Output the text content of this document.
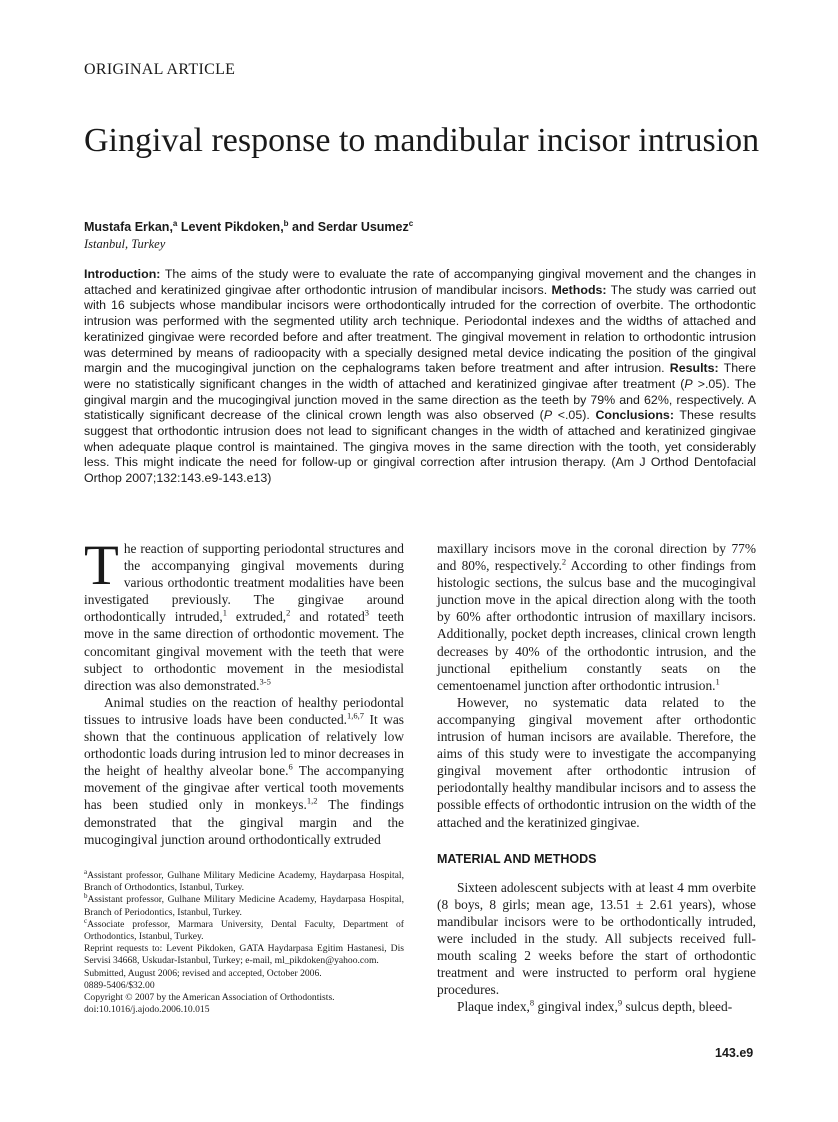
ORIGINAL ARTICLE
Gingival response to mandibular incisor intrusion
Mustafa Erkan,$^a$ Levent Pikdoken,$^b$ and Serdar Usumez$^c$
Istanbul, Turkey

Introduction: The aims of the study were to evaluate the rate of accompanying gingival movement and the changes in attached and keratinized gingivae after orthodontic intrusion of mandibular incisors. Methods: The study was carried out with 16 subjects whose mandibular incisors were orthodontically intruded for the correction of overbite. The orthodontic intrusion was performed with the segmented utility arch technique. Periodontal indexes and the widths of attached and keratinized gingivae were recorded before and after treatment. The gingival movement in relation to orthodontic intrusion was determined by means of radioopacity with a specially designed metal device indicating the position of the gingival margin and the mucogingival junction on the cephalograms taken before treatment and after intrusion. Results: There were no statistically significant changes in the width of attached and keratinized gingivae after treatment (P >.05). The gingival margin and the mucogingival junction moved in the same direction as the teeth by 79% and 62%, respectively. A statistically significant decrease of the clinical crown length was also observed (P <.05). Conclusions: These results suggest that orthodontic intrusion does not lead to significant changes in the width of attached and keratinized gingivae when adequate plaque control is maintained. The gingiva moves in the same direction with the tooth, yet considerably less. This might indicate the need for follow-up or gingival correction after intrusion therapy. (Am J Orthod Dentofacial Orthop 2007;132:143.e9-143.e13)

The reaction of supporting periodontal structures and the accompanying gingival movements during various orthodontic treatment modalities have been investigated previously. The gingivae around orthodontically intruded,$^1$ extruded,$^2$ and rotated$^3$ teeth move in the same direction of orthodontic movement. The concomitant gingival movement with the teeth that were subject to orthodontic movement in the mesiodistal direction was also demonstrated.$^{3-5}$

Animal studies on the reaction of healthy periodontal tissues to intrusive loads have been conducted.$^{1,6,7}$ It was shown that the continuous application of relatively low orthodontic loads during intrusion led to minor decreases in the height of healthy alveolar bone.$^6$ The accompanying movement of the gingivae after vertical tooth movements has been studied only in monkeys.$^{1,2}$ The findings demonstrated that the gingival margin and the mucogingival junction around orthodontically extruded

maxillary incisors move in the coronal direction by 77% and 80%, respectively.$^2$ According to other findings from histologic sections, the sulcus base and the mucogingival junction move in the apical direction along with the tooth by 60% after orthodontic intrusion of maxillary incisors. Additionally, pocket depth increases, clinical crown length decreases by 40% of the orthodontic intrusion, and the junctional epithelium constantly seats on the cementoenamel junction after orthodontic intrusion.$^1$

However, no systematic data related to the accompanying gingival movement after orthodontic intrusion of human incisors are available. Therefore, the aims of this study were to investigate the accompanying gingival movement after orthodontic intrusion of periodontally healthy mandibular incisors and to assess the possible effects of orthodontic intrusion on the width of the attached and the keratinized gingivae.

MATERIAL AND METHODS

Sixteen adolescent subjects with at least 4 mm overbite (8 boys, 8 girls; mean age, 13.51 ± 2.61 years), whose mandibular incisors were to be orthodontically intruded, were included in the study. All subjects received full-mouth scaling 2 weeks before the start of orthodontic treatment and were instructed to perform oral hygiene procedures.

Plaque index,$^8$ gingival index,$^9$ sulcus depth, bleed-

$^a$Assistant professor, Gulhane Military Medicine Academy, Haydarpasa Hospital, Branch of Orthodontics, Istanbul, Turkey.

$^b$Assistant professor, Gulhane Military Medicine Academy, Haydarpasa Hospital, Branch of Periodontics, Istanbul, Turkey.

$^c$Associate professor, Marmara University, Dental Faculty, Department of Orthodontics, Istanbul, Turkey.

Reprint requests to: Levent Pikdoken, GATA Haydarpasa Egitim Hastanesi, Dis Servisi 34668, Uskudar-Istanbul, Turkey; e-mail, ml_pikdoken@yahoo.com.

Submitted, August 2006; revised and accepted, October 2006.

0889-5406/$32.00

Copyright © 2007 by the American Association of Orthodontists.

doi:10.1016/j.ajodo.2006.10.015

143.e9
